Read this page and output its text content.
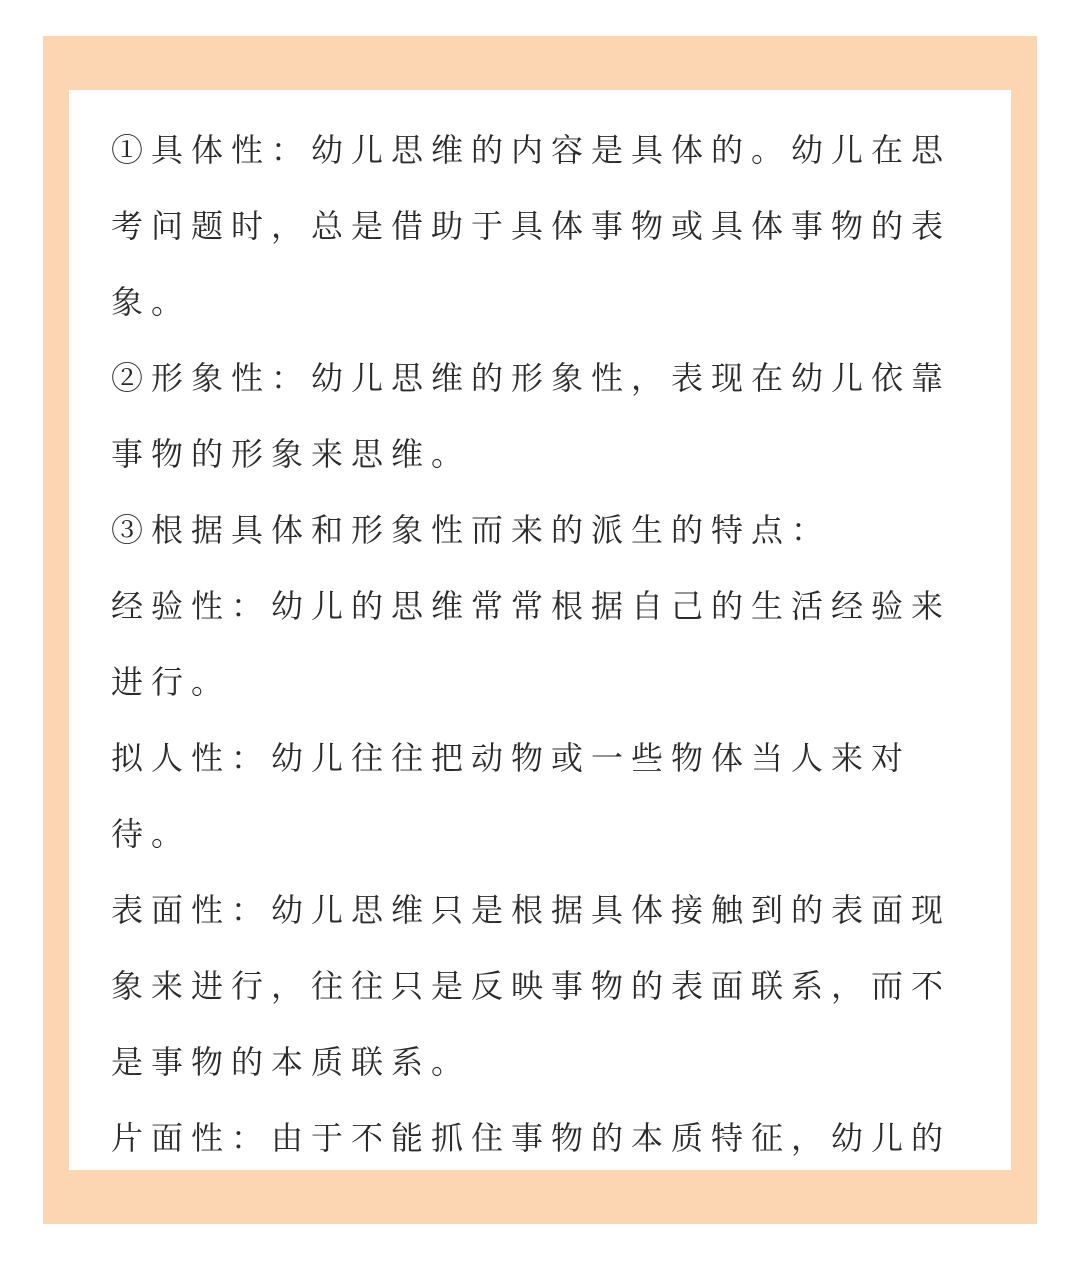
①具体性：幼儿思维的内容是具体的。幼儿在思考问题时，总是借助于具体事物或具体事物的表象。

②形象性：幼儿思维的形象性，表现在幼儿依靠事物的形象来思维。

③根据具体和形象性而来的派生的特点：

经验性：幼儿的思维常常根据自己的生活经验来进行。

拟人性：幼儿往往把动物或一些物体当人来对待。

表面性：幼儿思维只是根据具体接触到的表面现象来进行，往往只是反映事物的表面联系，而不是事物的本质联系。

片面性：由于不能抓住事物的本质特征，幼儿的
